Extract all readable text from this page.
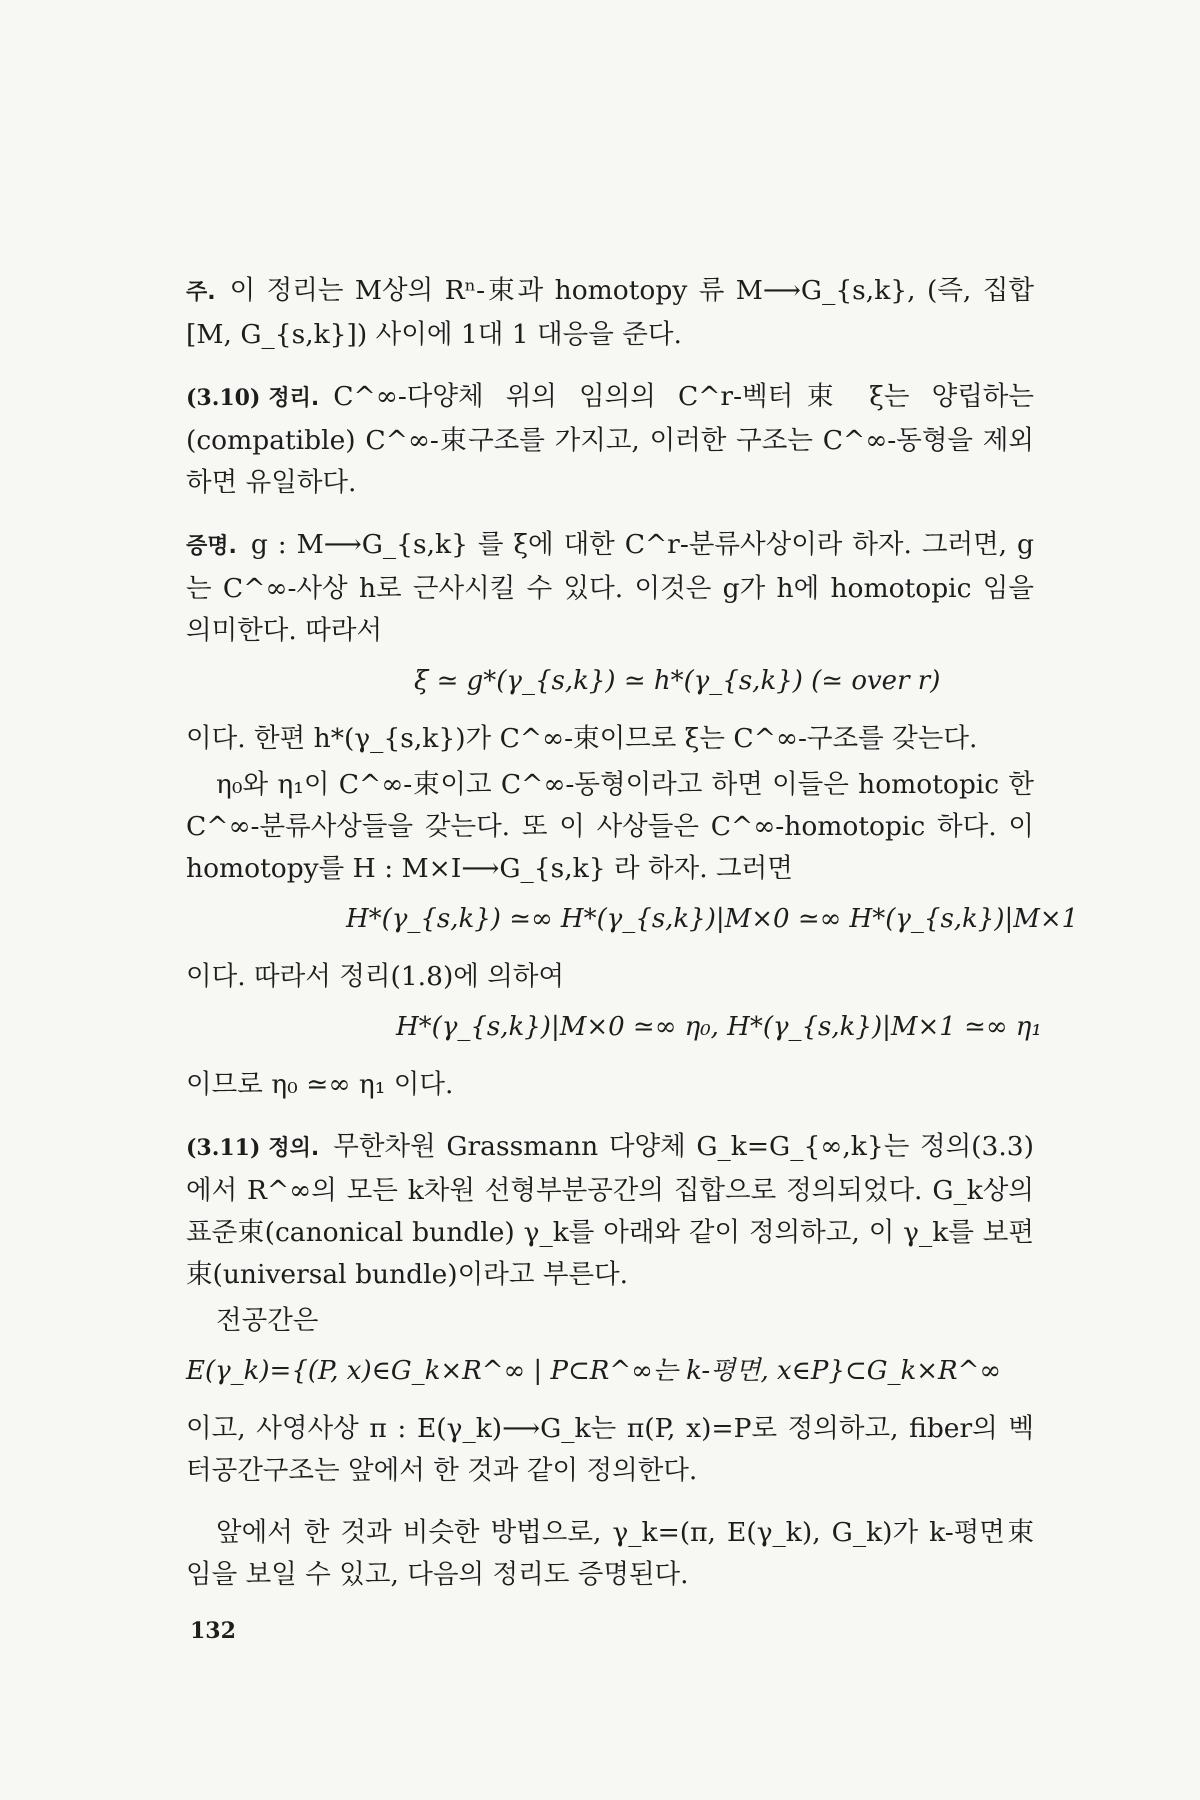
주. 이 정리는 M상의 Rⁿ-束과 homotopy 류 M⟶G_{s,k}, (즉, 집합 [M, G_{s,k}]) 사이에 1대 1 대응을 준다.

(3.10) 정리. C^∞-다양체 위의 임의의 C^r-벡터束 ξ는 양립하는(compatible) C^∞-束구조를 가지고, 이러한 구조는 C^∞-동형을 제외하면 유일하다.

증명. g : M⟶G_{s,k} 를 ξ에 대한 C^r-분류사상이라 하자. 그러면, g는 C^∞-사상 h로 근사시킬 수 있다. 이것은 g가 h에 homotopic 임을 의미한다. 따라서

ξ ≃ g*(γ_{s,k}) ≃ h*(γ_{s,k}) (≃ over r)

이다. 한편 h*(γ_{s,k})가 C^∞-束이므로 ξ는 C^∞-구조를 갖는다.

η₀와 η₁이 C^∞-束이고 C^∞-동형이라고 하면 이들은 homotopic 한 C^∞-분류사상들을 갖는다. 또 이 사상들은 C^∞-homotopic 하다. 이 homotopy를 H : M×I⟶G_{s,k} 라 하자. 그러면

H*(γ_{s,k}) ≃∞ H*(γ_{s,k})|M×0 ≃∞ H*(γ_{s,k})|M×1

이다. 따라서 정리(1.8)에 의하여

H*(γ_{s,k})|M×0 ≃∞ η₀, H*(γ_{s,k})|M×1 ≃∞ η₁

이므로 η₀ ≃∞ η₁ 이다.

(3.11) 정의. 무한차원 Grassmann 다양체 G_k=G_{∞,k}는 정의(3.3)에서 R^∞의 모든 k차원 선형부분공간의 집합으로 정의되었다. G_k상의 표준束(canonical bundle) γ_k를 아래와 같이 정의하고, 이 γ_k를 보편束(universal bundle)이라고 부른다.

전공간은

E(γ_k)={(P, x)∈G_k×R^∞ | P⊂R^∞는 k-평면, x∈P}⊂G_k×R^∞

이고, 사영사상 π : E(γ_k)⟶G_k는 π(P, x)=P로 정의하고, fiber의 벡터공간구조는 앞에서 한 것과 같이 정의한다.

앞에서 한 것과 비슷한 방법으로, γ_k=(π, E(γ_k), G_k)가 k-평면束임을 보일 수 있고, 다음의 정리도 증명된다.

132
